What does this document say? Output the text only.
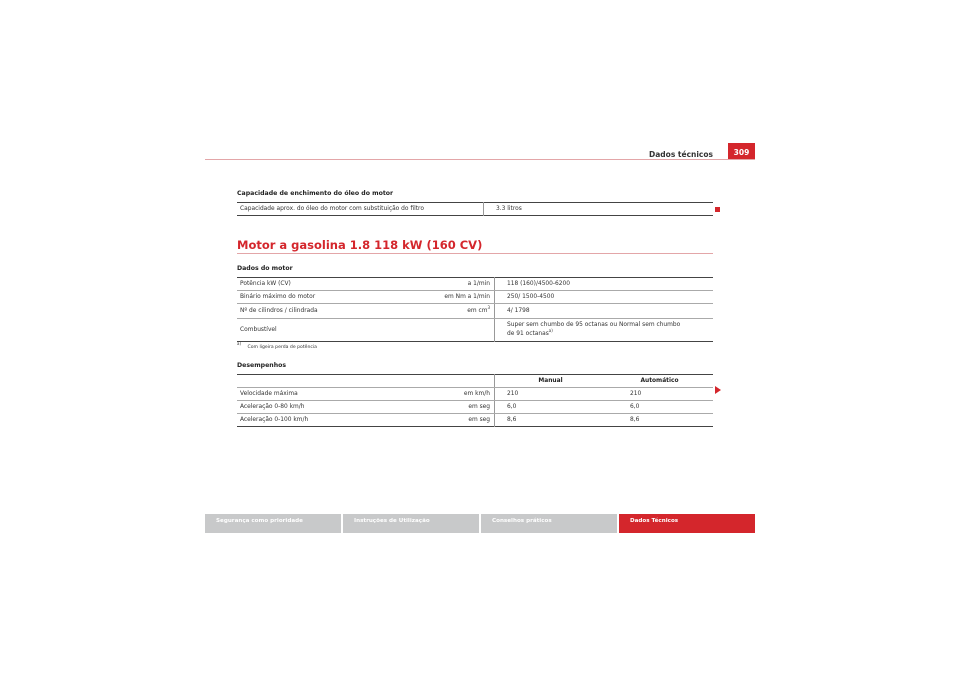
Dados técnicos	309
Capacidade de enchimento do óleo do motor
Capacidade aprox. do óleo do motor com substituição do filtro	3.3 litros
Motor a gasolina 1.8 118 kW (160 CV)
Dados do motor
Potência kW (CV)	a 1/min	118 (160)/4500-6200
Binário máximo do motor	em Nm a 1/min	250/ 1500-4500
Nº de cilindros / cilindrada	em $cm^3$	4/ 1798
Combustível		Super sem chumbo de 95 octanas ou Normal sem chumbo
de 91 octanas$^{a)}$
$^{a)}$ Com ligeira perda de potência
Desempenhos
		Manual	Automático
Velocidade máxima	em km/h	210	210
Aceleração 0-80 km/h	em seg	6,0	6,0
Aceleração 0-100 km/h	em seg	8,6	8,6
Segurança como prioridade	Instruções de Utilização	Conselhos práticos	Dados Técnicos
